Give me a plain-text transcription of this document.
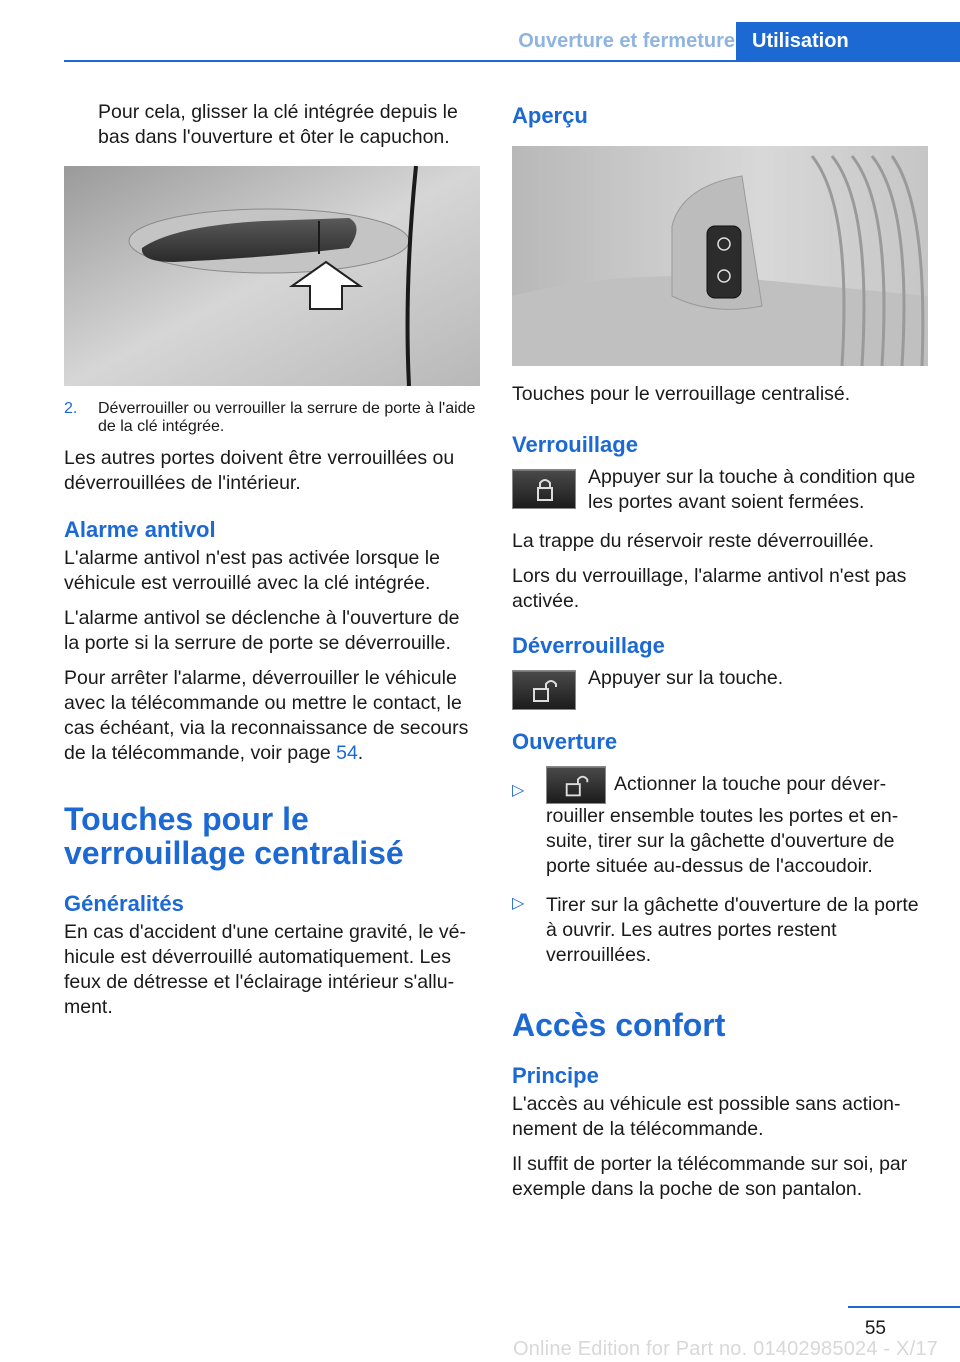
Ouverture et fermeture Utilisation

Pour cela, glisser la clé intégrée depuis le bas dans l'ouverture et ôter le capuchon.

2.	Déverrouiller ou verrouiller la serrure de porte à l'aide de la clé intégrée.

Les autres portes doivent être verrouillées ou déverrouillées de l'intérieur.

Alarme antivol

L'alarme antivol n'est pas activée lorsque le véhicule est verrouillé avec la clé intégrée.

L'alarme antivol se déclenche à l'ouverture de la porte si la serrure de porte se déverrouille.

Pour arrêter l'alarme, déverrouiller le véhicule avec la télécommande ou mettre le contact, le cas échéant, via la reconnaissance de secours de la télécommande, voir page 54.

Touches pour le verrouillage centralisé
Généralités

En cas d'accident d'une certaine gravité, le véhicule est déverrouillé automatiquement. Les feux de détresse et l'éclairage intérieur s'allument.

Aperçu

Touches pour le verrouillage centralisé.

Verrouillage

Appuyer sur la touche à condition que les portes avant soient fermées.

La trappe du réservoir reste déverrouillée.

Lors du verrouillage, l'alarme antivol n'est pas activée.

Déverrouillage

Appuyer sur la touche.

Ouverture
▷	Actionner la touche pour déverrouiller ensemble toutes les portes et ensuite, tirer sur la gâchette d'ouverture de porte située au-dessus de l'accoudoir.

▷	Tirer sur la gâchette d'ouverture de la porte à ouvrir. Les autres portes restent verrouillées.

Accès confort
Principe

L'accès au véhicule est possible sans actionnement de la télécommande.

Il suffit de porter la télécommande sur soi, par exemple dans la poche de son pantalon.

55
Online Edition for Part no. 01402985024 - X/17
